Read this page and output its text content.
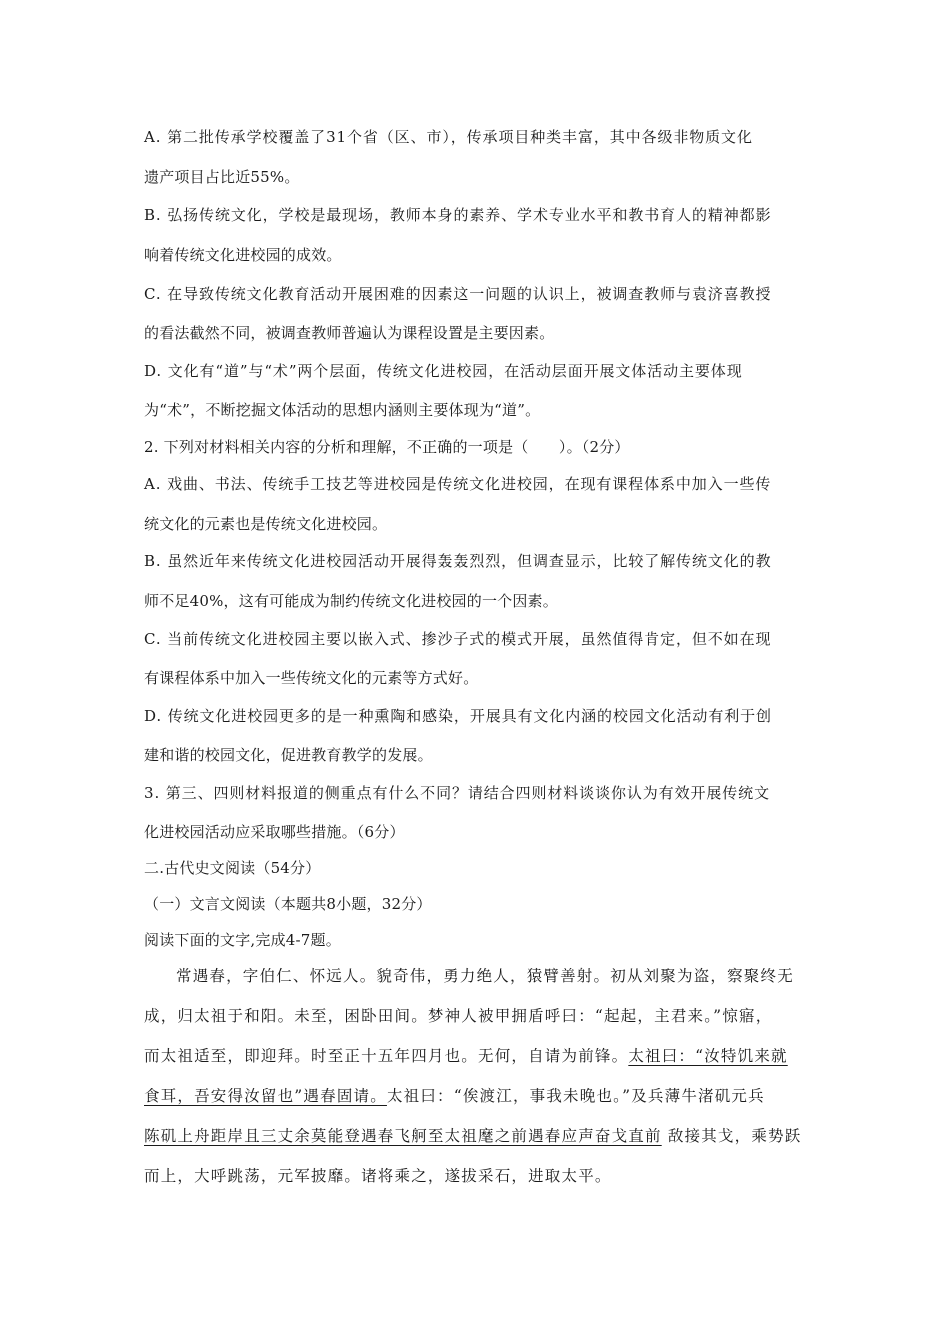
A. 第二批传承学校覆盖了31个省（区、市），传承项目种类丰富，其中各级非物质文化
遗产项目占比近55%。
B. 弘扬传统文化，学校是最现场，教师本身的素养、学术专业水平和教书育人的精神都影
响着传统文化进校园的成效。
C. 在导致传统文化教育活动开展困难的因素这一问题的认识上，被调查教师与袁济喜教授
的看法截然不同，被调查教师普遍认为课程设置是主要因素。
D. 文化有“道”与“术”两个层面，传统文化进校园，在活动层面开展文体活动主要体现
为“术”，不断挖掘文体活动的思想内涵则主要体现为“道”。
2. 下列对材料相关内容的分析和理解，不正确的一项是（　　）。（2分）
A. 戏曲、书法、传统手工技艺等进校园是传统文化进校园，在现有课程体系中加入一些传
统文化的元素也是传统文化进校园。
B. 虽然近年来传统文化进校园活动开展得轰轰烈烈，但调查显示，比较了解传统文化的教
师不足40%，这有可能成为制约传统文化进校园的一个因素。
C. 当前传统文化进校园主要以嵌入式、掺沙子式的模式开展，虽然值得肯定，但不如在现
有课程体系中加入一些传统文化的元素等方式好。
D. 传统文化进校园更多的是一种熏陶和感染，开展具有文化内涵的校园文化活动有利于创
建和谐的校园文化，促进教育教学的发展。
3. 第三、四则材料报道的侧重点有什么不同？请结合四则材料谈谈你认为有效开展传统文
化进校园活动应采取哪些措施。（6分）
二.古代史文阅读（54分）
（一）文言文阅读（本题共8小题，32分）
阅读下面的文字,完成4-7题。
常遇春，字伯仁、怀远人。貌奇伟，勇力绝人，猿臂善射。初从刘聚为盗，察聚终无
成，归太祖于和阳。未至，困卧田间。梦神人被甲拥盾呼曰：“起起，主君来。”惊寤，
而太祖适至，即迎拜。时至正十五年四月也。无何，自请为前锋。太祖曰：“汝特饥来就
食耳，吾安得汝留也”遇春固请。太祖曰：“俟渡江，事我未晚也。”及兵薄牛渚矶元兵
陈矶上舟距岸且三丈余莫能登遇春飞舸至太祖麾之前遇春应声奋戈直前 敌接其戈，乘势跃
而上，大呼跳荡，元军披靡。诸将乘之，遂拔采石，进取太平。
